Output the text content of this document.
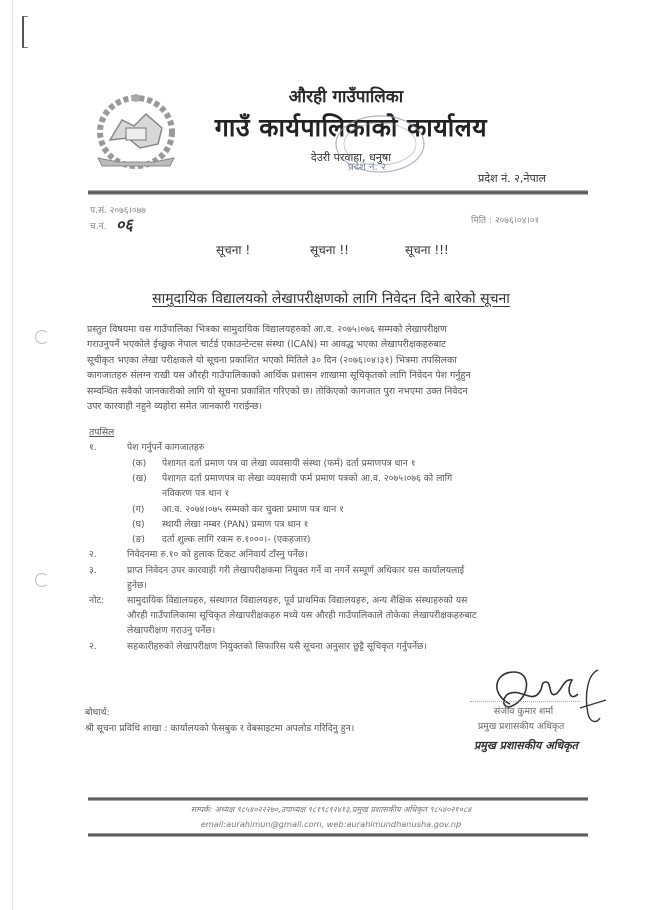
औरही गाउँपालिका
गाउँ कार्यपालिकाको कार्यालय
देउरी परवाहा, धनुषा
प्रदेश नं. २
प्रदेश नं. २,नेपाल
प.सं. २०७६।०७७
च.नं. ०६	मिति : २०७६।०४।०१
सूचना !	सूचना !!	सूचना !!!
सामुदायिक विद्यालयको लेखापरीक्षणको लागि निवेदन दिने बारेको सूचना
प्रस्तुत विषयमा यस गाउँपालिका भित्रका सामुदायिक विद्यालयहरुको आ.व. २०७५।०७६ सम्मको लेखापरीक्षण
गराउनुपर्ने भएकोले ईच्छुक नेपाल चार्टर्ड एकाउन्टेन्टस संस्था (ICAN) मा आवद्ध भएका लेखापरीक्षकहरुबाट
सूचीकृत भएका लेखा परीक्षकले यो सूचना प्रकाशित भएको मितिले ३० दिन (२०७६।०४।३१) भित्रमा तपसिलका
कागजातहरु संलग्न राखी यस औरही गाउँपालिकाको आर्थिक प्रशासन शाखामा सूचिकृतको लागि निवेदन पेश गर्नुहुन
सम्वन्धित सवैको जानकारीको लागि यो सूचना प्रकाशित गरिएको छ। तोकिएको कागजात पुरा नभएमा उक्त निवेदन
उपर कारवाही नहुने व्यहोरा समेत जानकारी गराईन्छ।
तपसिल
१.	पेश गर्नुपर्ने कागजातहरु
(क) पेशागत दर्ता प्रमाण पत्र वा लेखा व्यवसायी संस्था (फर्म) दर्ता प्रमाणपत्र थान १
(ख) पेशागत दर्ता प्रमाणपत्र वा लेखा व्यवसायी फर्म प्रमाण पत्रको आ.व. २०७५।०७६ को लागि
नविकरण पत्र थान १
(ग) आ.व. २०७४।०७५ सम्मको कर चुक्ता प्रमाण पत्र थान १
(घ) स्थायी लेखा नम्बर (PAN) प्रमाण पत्र थान १
(ङ) दर्ता शुल्क लागि रकम रु.१०००।- (एकहजार)
२.	निवेदनमा रु.१० को हुलाक टिकट अनिवार्य टाँस्नु पर्नेछ।
३.	प्राप्त निवेदन उपर कारवाही गरी लेखापरीक्षकमा नियुक्त गर्ने वा नगर्ने सम्पूर्ण अधिकार यस कार्यालयलाई
हुनेछ।
नोट: सामुदायिक विद्यालयहरु, संस्थागत विद्यालयहरु, पूर्व प्राथमिक विद्यालयहरु, अन्य शैक्षिक संस्थाहरुको यस
औरही गाउँपालिकामा सूचिकृत लेखापरीक्षकहरु मध्ये यस औरही गाउँपालिकाले तोकेका लेखापरीक्षकहरुबाट
लेखापरीक्षण गराउनु पर्नेछ।
२.	सहकारीहरुको लेखापरीक्षण नियुक्तको सिफारिस यसै सूचना अनुसार छुट्टै सूचिकृत गर्नुपर्नेछ।
संजीव कुमार शर्मा
प्रमुख प्रशासकीय अधिकृत
प्रमुख प्रशासकीय अधिकृत
बोधार्थ:
श्री सूचना प्रविधि शाखा : कार्यालयको फेसबुक र वेबसाइटमा अपलोड गरिदिनु हुन।
सम्पर्क: अध्यक्ष ९८५४०२२२७०,उपाध्यक्ष ९८१९८१२४१३,प्रमुख प्रशासकीय अधिकृत ९८५४०२१०८४
email:aurahimun@gmail.com, web:aurahimundhanusha.gov.np
